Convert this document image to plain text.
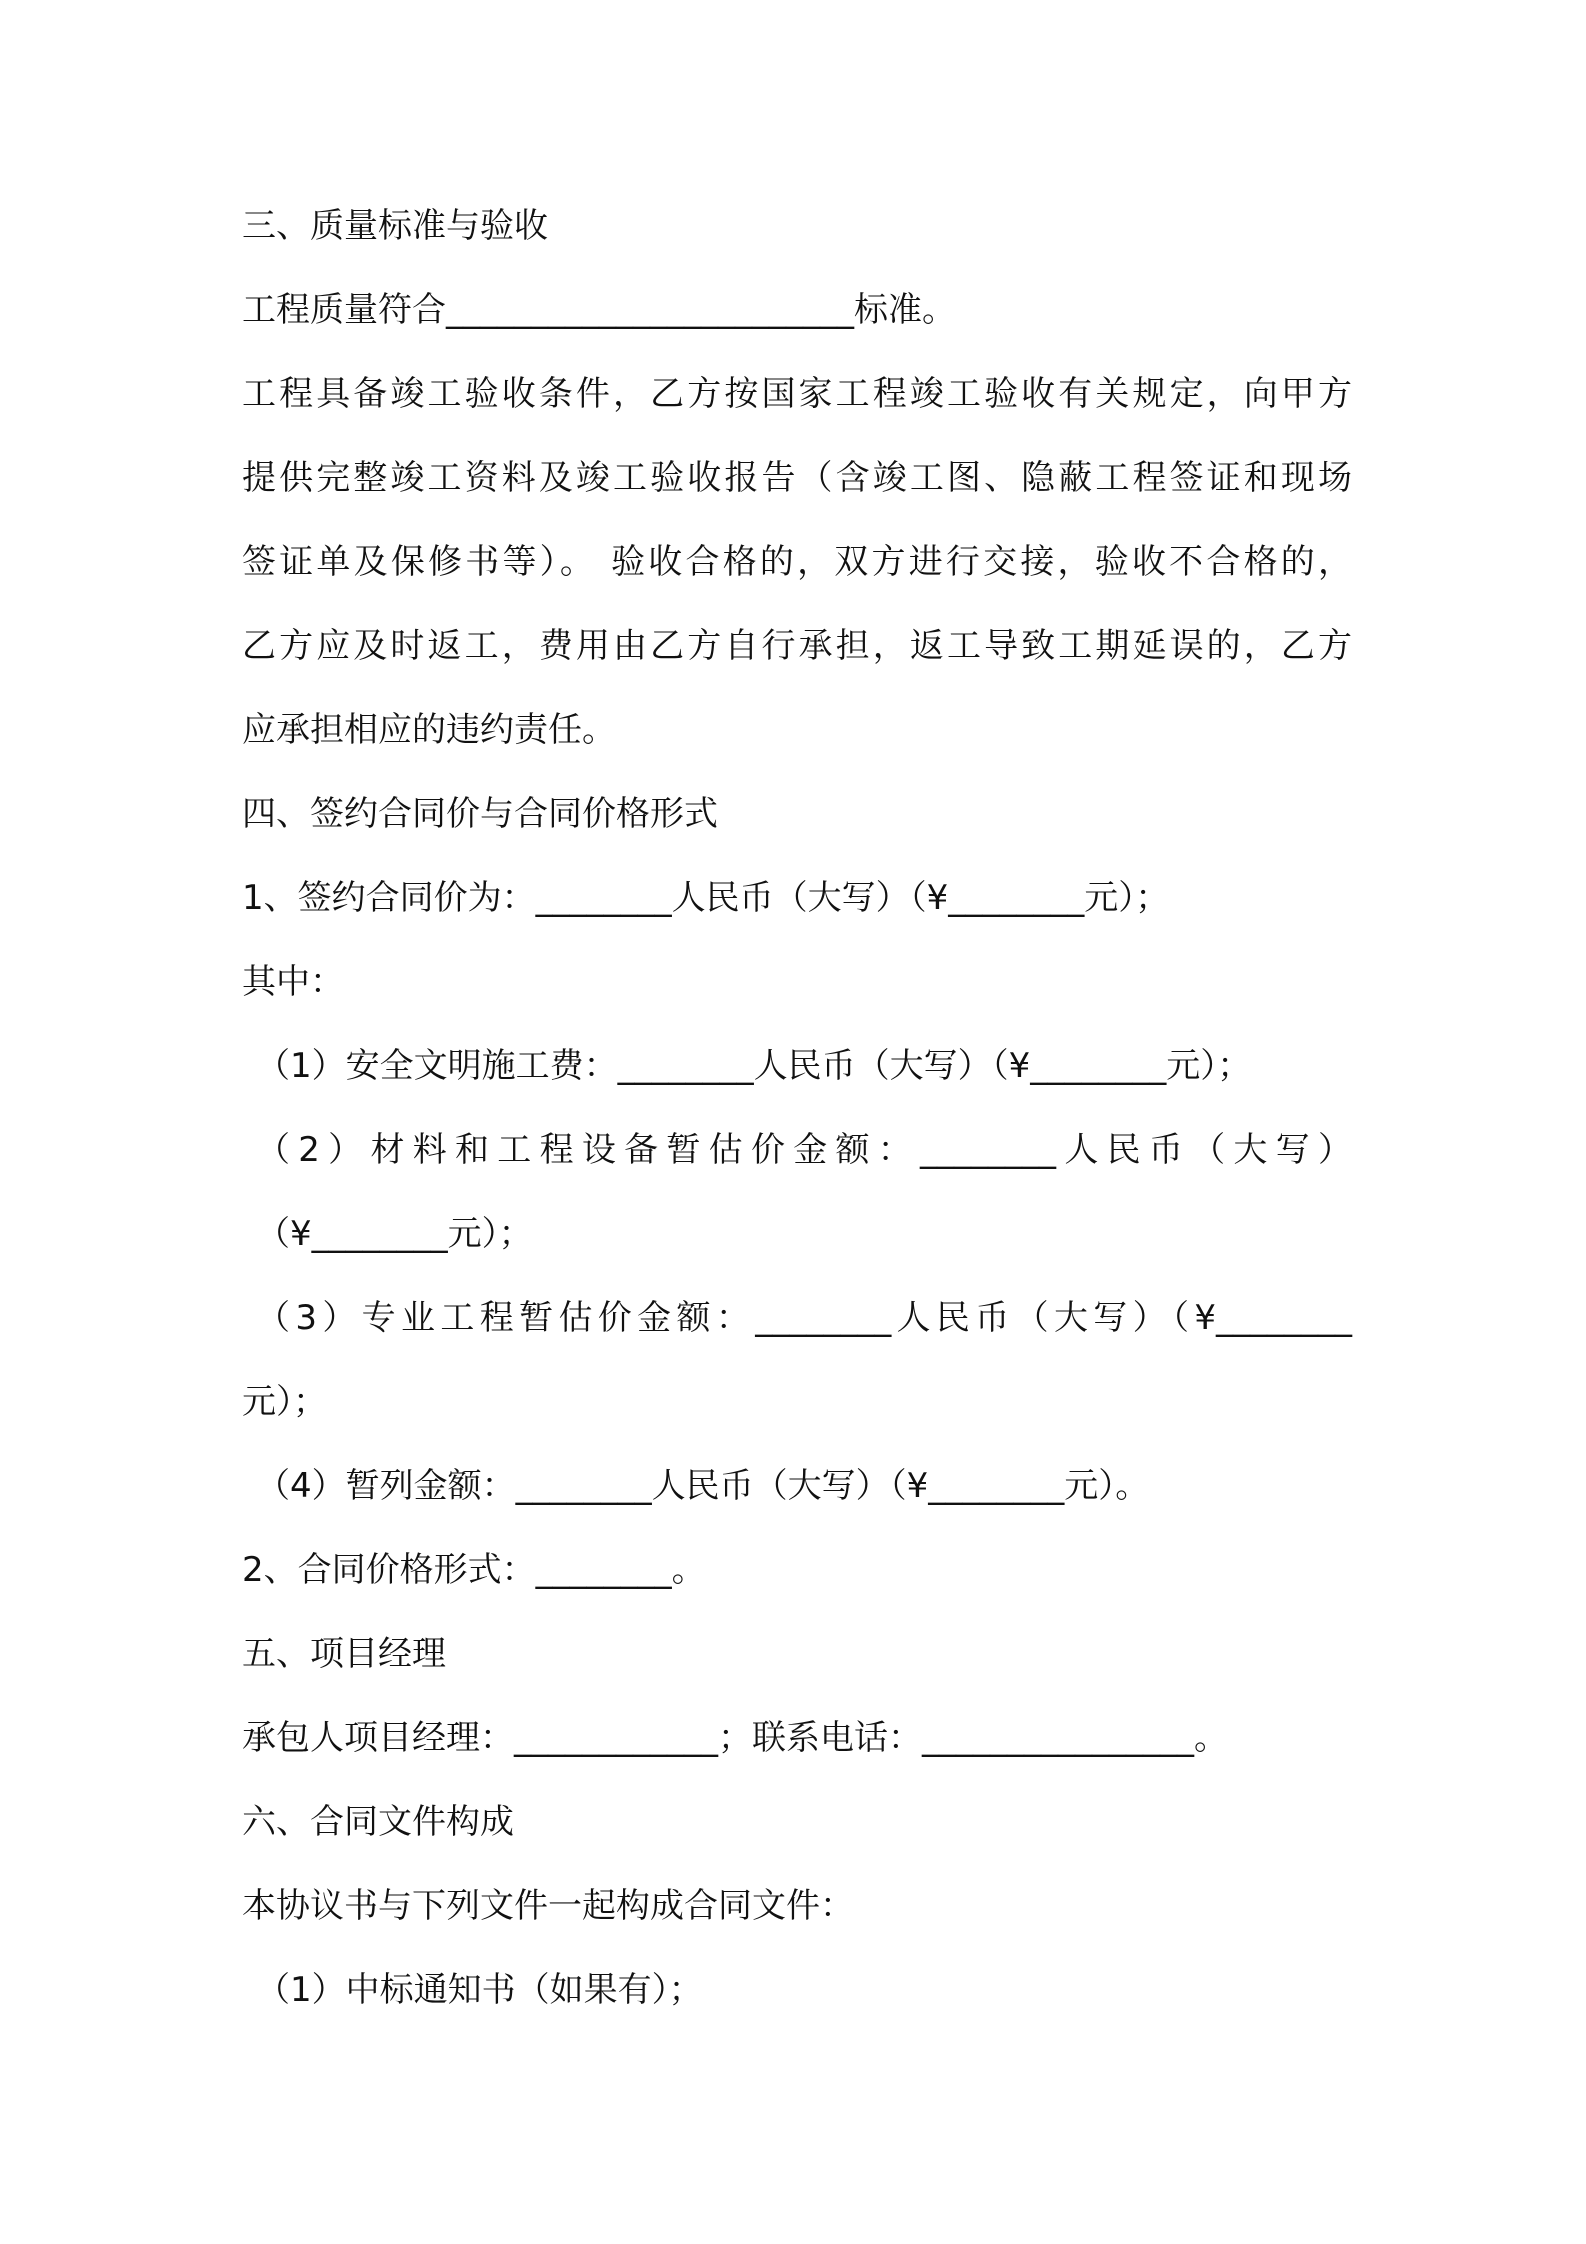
三、质量标准与验收
工程质量符合________________________标准。
工程具备竣工验收条件，乙方按国家工程竣工验收有关规定，向甲方
提供完整竣工资料及竣工验收报告（含竣工图、隐蔽工程签证和现场
签证单及保修书等）。 验收合格的，双方进行交接，验收不合格的，
乙方应及时返工，费用由乙方自行承担，返工导致工期延误的，乙方
应承担相应的违约责任。
四、签约合同价与合同价格形式
1、签约合同价为：________人民币（大写）（¥________元）；
其中：
（1）安全文明施工费：________人民币（大写）（¥________元）；
（2）材料和工程设备暂估价金额：________人民币（大写）
（¥________元）；
（3）专业工程暂估价金额：________人民币（大写）（¥________
元）；
（4）暂列金额：________人民币（大写）（¥________元）。
2、合同价格形式：________。
五、项目经理
承包人项目经理：____________；联系电话：________________。
六、合同文件构成
本协议书与下列文件一起构成合同文件：
（1）中标通知书（如果有）；
